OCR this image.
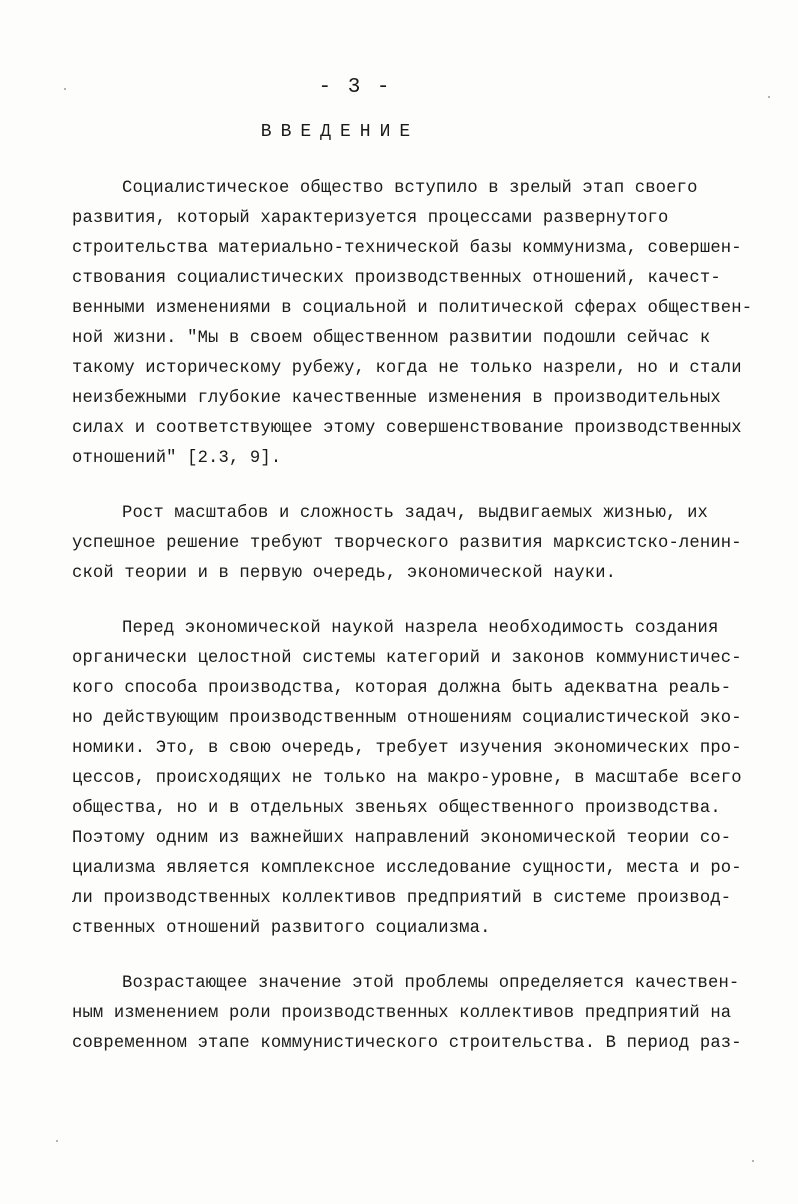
- 3 -
ВВЕДЕНИЕ
Социалистическое общество вступило в зрелый этап своего
развития, который характеризуется процессами развернутого
строительства материально-технической базы коммунизма, совершен-
ствования социалистических производственных отношений, качест-
венными изменениями в социальной и политической сферах обществен-
ной жизни. "Мы в своем общественном развитии подошли сейчас к
такому историческому рубежу, когда не только назрели, но и стали
неизбежными глубокие качественные изменения в производительных
силах и соответствующее этому совершенствование производственных
отношений" [2.3, 9].
Рост масштабов и сложность задач, выдвигаемых жизнью, их
успешное решение требуют творческого развития марксистско-ленин-
ской теории и в первую очередь, экономической науки.
Перед экономической наукой назрела необходимость создания
органически целостной системы категорий и законов коммунистичес-
кого способа производства, которая должна быть адекватна реаль-
но действующим производственным отношениям социалистической эко-
номики. Это, в свою очередь, требует изучения экономических про-
цессов, происходящих не только на макро-уровне, в масштабе всего
общества, но и в отдельных звеньях общественного производства.
Поэтому одним из важнейших направлений экономической теории со-
циализма является комплексное исследование сущности, места и ро-
ли производственных коллективов предприятий в системе производ-
ственных отношений развитого социализма.
Возрастающее значение этой проблемы определяется качествен-
ным изменением роли производственных коллективов предприятий на
современном этапе коммунистического строительства. В период раз-
